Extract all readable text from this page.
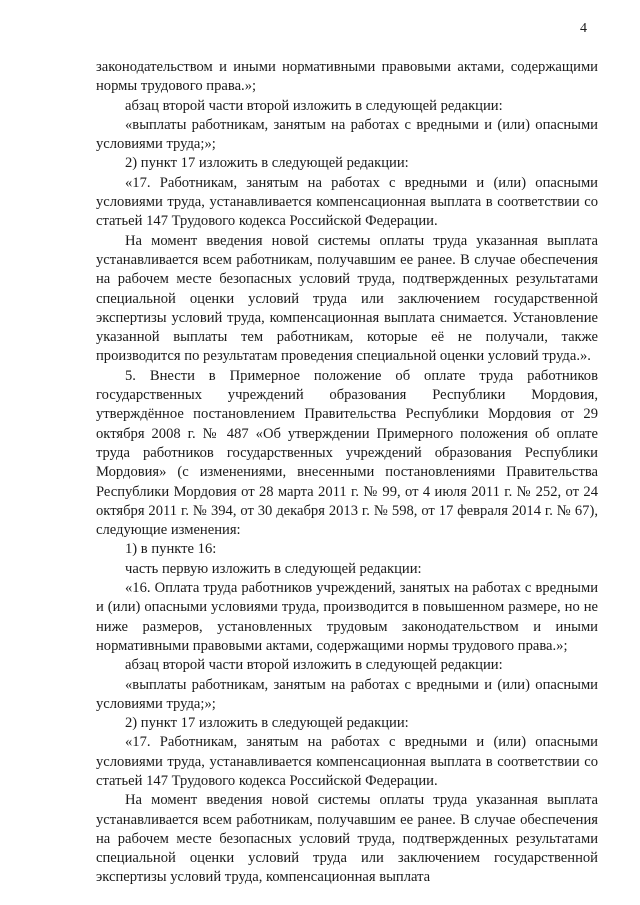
4

законодательством и иными нормативными правовыми актами, содержащими нормы трудового права.»;

абзац второй части второй изложить в следующей редакции:

«выплаты работникам, занятым на работах с вредными и (или) опасными условиями труда;»;

2) пункт 17 изложить в следующей редакции:

«17. Работникам, занятым на работах с вредными и (или) опасными условиями труда, устанавливается компенсационная выплата в соответствии со статьей 147 Трудового кодекса Российской Федерации.

На момент введения новой системы оплаты труда указанная выплата устанавливается всем работникам, получавшим ее ранее. В случае обеспечения на рабочем месте безопасных условий труда, подтвержденных результатами специальной оценки условий труда или заключением государственной экспертизы условий труда, компенсационная выплата снимается. Установление указанной выплаты тем работникам, которые её не получали, также производится по результатам проведения специальной оценки условий труда.».

5. Внести в Примерное положение об оплате труда работников государственных учреждений образования Республики Мордовия, утверждённое постановлением Правительства Республики Мордовия от 29 октября 2008 г. № 487 «Об утверждении Примерного положения об оплате труда работников государственных учреждений образования Республики Мордовия» (с изменениями, внесенными постановлениями Правительства Республики Мордовия от 28 марта 2011 г. № 99, от 4 июля 2011 г. № 252, от 24 октября 2011 г. № 394, от 30 декабря 2013 г. № 598, от 17 февраля 2014 г. № 67), следующие изменения:

1) в пункте 16:

часть первую изложить в следующей редакции:

«16. Оплата труда работников учреждений, занятых на работах с вредными и (или) опасными условиями труда, производится в повышенном размере, но не ниже размеров, установленных трудовым законодательством и иными нормативными правовыми актами, содержащими нормы трудового права.»;

абзац второй части второй изложить в следующей редакции:

«выплаты работникам, занятым на работах с вредными и (или) опасными условиями труда;»;

2) пункт 17 изложить в следующей редакции:

«17. Работникам, занятым на работах с вредными и (или) опасными условиями труда, устанавливается компенсационная выплата в соответствии со статьей 147 Трудового кодекса Российской Федерации.

На момент введения новой системы оплаты труда указанная выплата устанавливается всем работникам, получавшим ее ранее. В случае обеспечения на рабочем месте безопасных условий труда, подтвержденных результатами специальной оценки условий труда или заключением государственной экспертизы условий труда, компенсационная выплата
